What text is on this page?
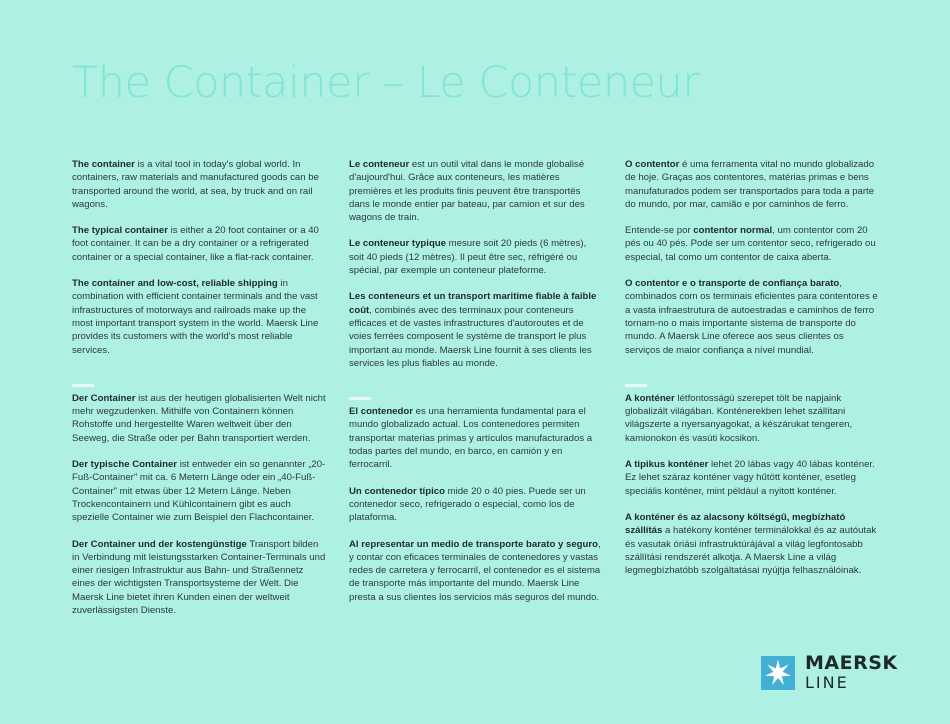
The Container – Le Conteneur

The container is a vital tool in today's global world. In containers, raw materials and manufactured goods can be transported around the world, at sea, by truck and on rail wagons.

The typical container is either a 20 foot container or a 40 foot container. It can be a dry container or a refrigerated container or a special container, like a flat-rack container.

The container and low-cost, reliable shipping in combination with efficient container terminals and the vast infrastructures of motorways and railroads make up the most important transport system in the world. Maersk Line provides its customers with the world's most reliable services.

Der Container ist aus der heutigen globalisierten Welt nicht mehr wegzudenken. Mithilfe von Containern können Rohstoffe und hergestellte Waren weltweit über den Seeweg, die Straße oder per Bahn transportiert werden.

Der typische Container ist entweder ein so genannter „20-Fuß-Container" mit ca. 6 Metern Länge oder ein „40-Fuß-Container" mit etwas über 12 Metern Länge. Neben Trockencontainern und Kühlcontainern gibt es auch spezielle Container wie zum Beispiel den Flachcontainer.

Der Container und der kostengünstige Transport bilden in Verbindung mit leistungsstarken Container-Terminals und einer riesigen Infrastruktur aus Bahn- und Straßennetz eines der wichtigsten Transportsysteme der Welt. Die Maersk Line bietet ihren Kunden einen der weltweit zuverlässigsten Dienste.

Le conteneur est un outil vital dans le monde globalisé d'aujourd'hui. Grâce aux conteneurs, les matières premières et les produits finis peuvent être transportés dans le monde entier par bateau, par camion et sur des wagons de train.

Le conteneur typique mesure soit 20 pieds (6 mètres), soit 40 pieds (12 mètres). Il peut être sec, réfrigéré ou spécial, par exemple un conteneur plateforme.

Les conteneurs et un transport maritime fiable à faible coût, combinés avec des terminaux pour conteneurs efficaces et de vastes infrastructures d'autoroutes et de voies ferrées composent le système de transport le plus important au monde. Maersk Line fournit à ses clients les services les plus fiables au monde.

El contenedor es una herramienta fundamental para el mundo globalizado actual. Los contenedores permiten transportar materias primas y artículos manufacturados a todas partes del mundo, en barco, en camión y en ferrocarril.

Un contenedor típico mide 20 o 40 pies. Puede ser un contenedor seco, refrigerado o especial, como los de plataforma.

Al representar un medio de transporte barato y seguro, y contar con eficaces terminales de contenedores y vastas redes de carretera y ferrocarril, el contenedor es el sistema de transporte más importante del mundo. Maersk Line presta a sus clientes los servicios más seguros del mundo.

O contentor é uma ferramenta vital no mundo globalizado de hoje. Graças aos contentores, matérias primas e bens manufaturados podem ser transportados para toda a parte do mundo, por mar, camião e por caminhos de ferro.

Entende-se por contentor normal, um contentor com 20 pés ou 40 pés. Pode ser um contentor seco, refrigerado ou especial, tal como um contentor de caixa aberta.

O contentor e o transporte de confiança barato, combinados com os terminais eficientes para contentores e a vasta infraestrutura de autoestradas e caminhos de ferro tornam-no o mais importante sistema de transporte do mundo. A Maersk Line oferece aos seus clientes os serviços de maior confiança a nível mundial.

A konténer létfontosságú szerepet tölt be napjaink globalizált világában. Konténerekben lehet szállítani világszerte a nyersanyagokat, a készárukat tengeren, kamionokon és vasúti kocsikon.

A tipikus konténer lehet 20 lábas vagy 40 lábas konténer. Ez lehet száraz konténer vagy hűtött konténer, esetleg speciális konténer, mint például a nyitott konténer.

A konténer és az alacsony költségű, megbízható szállítás a hatékony konténer terminálokkal és az autóutak és vasutak óriási infrastruktúrájával a világ legfontosabb szállítási rendszerét alkotja. A Maersk Line a világ legmegbízhatóbb szolgáltatásai nyújtja felhasználóinak.

MAERSK
LINE
